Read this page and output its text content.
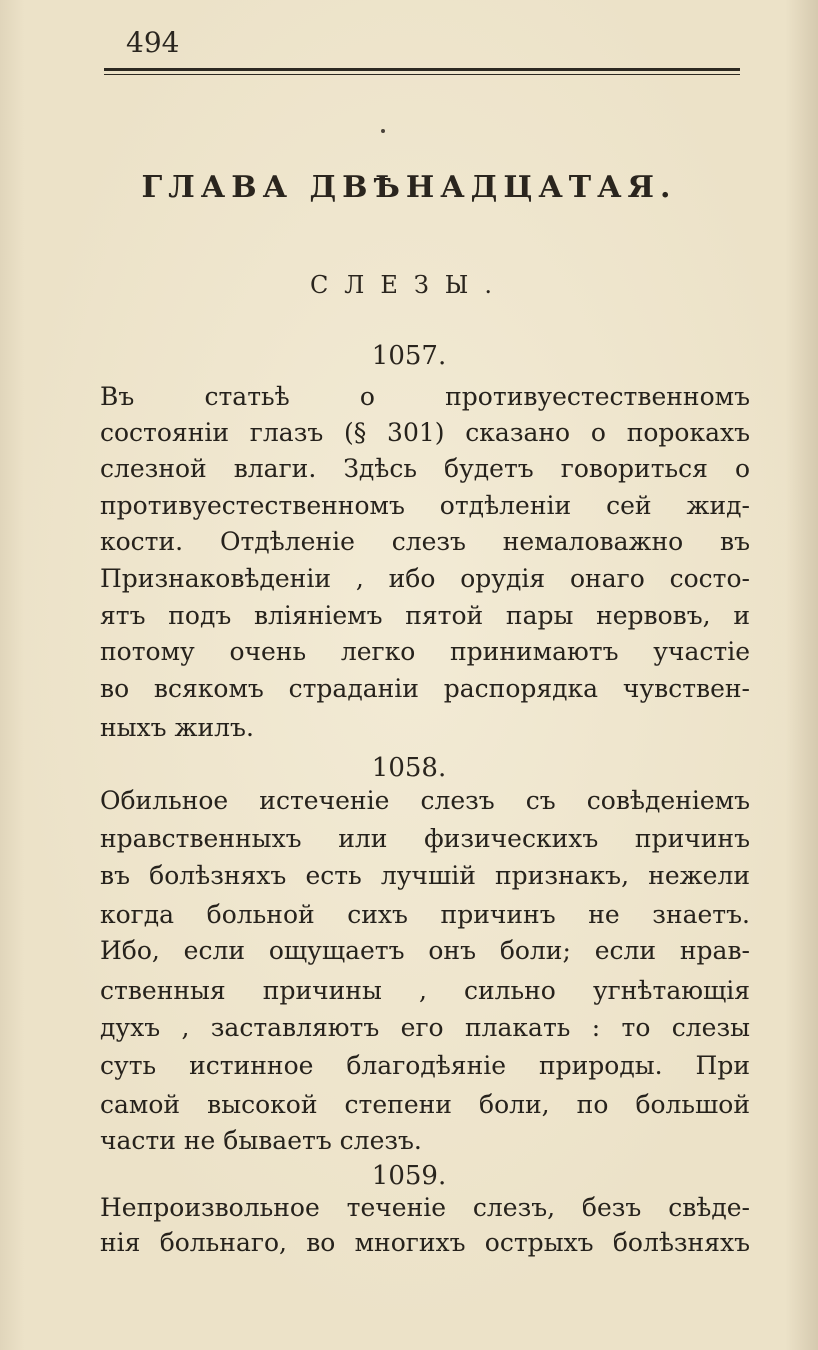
494
ГЛАВА ДВѢНАДЦАТАЯ.
СЛЕЗЫ.
1057.
Въ статьѣ о противуестественномъ
состояніи глазъ (§ 301) сказано о порокахъ
слезной влаги. Здѣсь будетъ говориться о
противуестественномъ отдѣленіи сей жид-
кости. Отдѣленіе слезъ немаловажно въ
Признаковѣденіи , ибо орудія онаго состо-
ятъ подъ вліяніемъ пятой пары нервовъ, и
потому очень легко принимаютъ участіе
во всякомъ страданіи распорядка чувствен-
ныхъ жилъ.
1058.
Обильное истеченіе слезъ съ совѣденіемъ
нравственныхъ или физическихъ причинъ
въ болѣзняхъ есть лучшій признакъ, нежели
когда больной сихъ причинъ не знаетъ.
Ибо, если ощущаетъ онъ боли; если нрав-
ственныя причины , сильно угнѣтающія
духъ , заставляютъ его плакать : то слезы
суть истинное благодѣяніе природы. При
самой высокой степени боли, по большой
части не бываетъ слезъ.
1059.
Непроизвольное теченіе слезъ, безъ свѣде-
нія больнаго, во многихъ острыхъ болѣзняхъ
